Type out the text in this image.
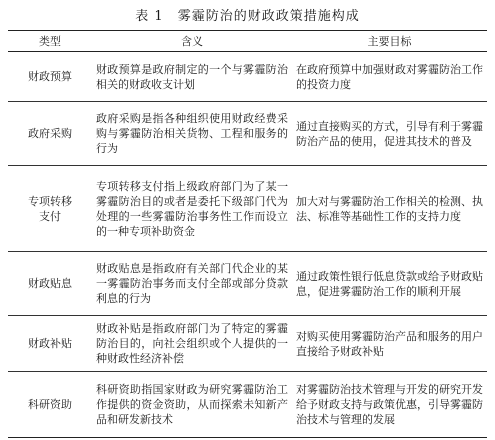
表 1 雾霾防治的财政政策措施构成
类型	含义	主要目标
财政预算	财政预算是政府制定的一个与雾霾防治相关的财政收支计划	在政府预算中加强财政对雾霾防治工作的投资力度
政府采购	政府采购是指各种组织使用财政经费采购与雾霾防治相关货物、工程和服务的行为	通过直接购买的方式，引导有利于雾霾防治产品的使用，促进其技术的普及
专项转移支付	专项转移支付指上级政府部门为了某一雾霾防治目的或者是委托下级部门代为处理的一些雾霾防治事务性工作而设立的一种专项补助资金	加大对与雾霾防治工作相关的检测、执法、标准等基础性工作的支持力度
财政贴息	财政贴息是指政府有关部门代企业的某一雾霾防治事务而支付全部或部分贷款利息的行为	通过政策性银行低息贷款或给予财政贴息，促进雾霾防治工作的顺利开展
财政补贴	财政补贴是指政府部门为了特定的雾霾防治目的，向社会组织或个人提供的一种财政性经济补偿	对购买使用雾霾防治产品和服务的用户直接给予财政补贴
科研资助	科研资助指国家财政为研究雾霾防治工作提供的资金资助，从而探索未知新产品和研发新技术	对雾霾防治技术管理与开发的研究开发给予财政支持与政策优惠，引导雾霾防治技术与管理的发展
